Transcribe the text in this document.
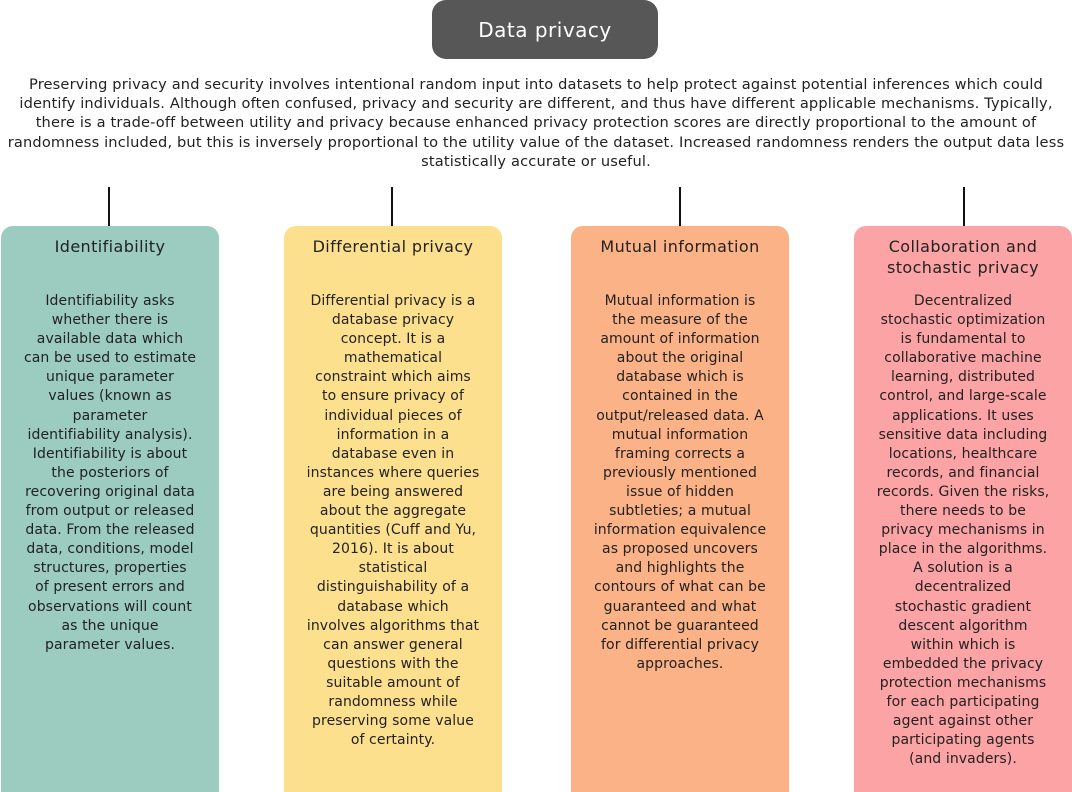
Data privacy

Preserving privacy and security involves intentional random input into datasets to help protect against potential inferences which could
identify individuals. Although often confused, privacy and security are different, and thus have different applicable mechanisms. Typically,
there is a trade-off between utility and privacy because enhanced privacy protection scores are directly proportional to the amount of
randomness included, but this is inversely proportional to the utility value of the dataset. Increased randomness renders the output data less
statistically accurate or useful.

Identifiability

Identifiability asks
whether there is
available data which
can be used to estimate
unique parameter
values (known as
parameter
identifiability analysis).
Identifiability is about
the posteriors of
recovering original data
from output or released
data. From the released
data, conditions, model
structures, properties
of present errors and
observations will count
as the unique
parameter values.

Differential privacy

Differential privacy is a
database privacy
concept. It is a
mathematical
constraint which aims
to ensure privacy of
individual pieces of
information in a
database even in
instances where queries
are being answered
about the aggregate
quantities (Cuff and Yu,
2016). It is about
statistical
distinguishability of a
database which
involves algorithms that
can answer general
questions with the
suitable amount of
randomness while
preserving some value
of certainty.

Mutual information

Mutual information is
the measure of the
amount of information
about the original
database which is
contained in the
output/released data. A
mutual information
framing corrects a
previously mentioned
issue of hidden
subtleties; a mutual
information equivalence
as proposed uncovers
and highlights the
contours of what can be
guaranteed and what
cannot be guaranteed
for differential privacy
approaches.

Collaboration and
stochastic privacy

Decentralized
stochastic optimization
is fundamental to
collaborative machine
learning, distributed
control, and large-scale
applications. It uses
sensitive data including
locations, healthcare
records, and financial
records. Given the risks,
there needs to be
privacy mechanisms in
place in the algorithms.
A solution is a
decentralized
stochastic gradient
descent algorithm
within which is
embedded the privacy
protection mechanisms
for each participating
agent against other
participating agents
(and invaders).
